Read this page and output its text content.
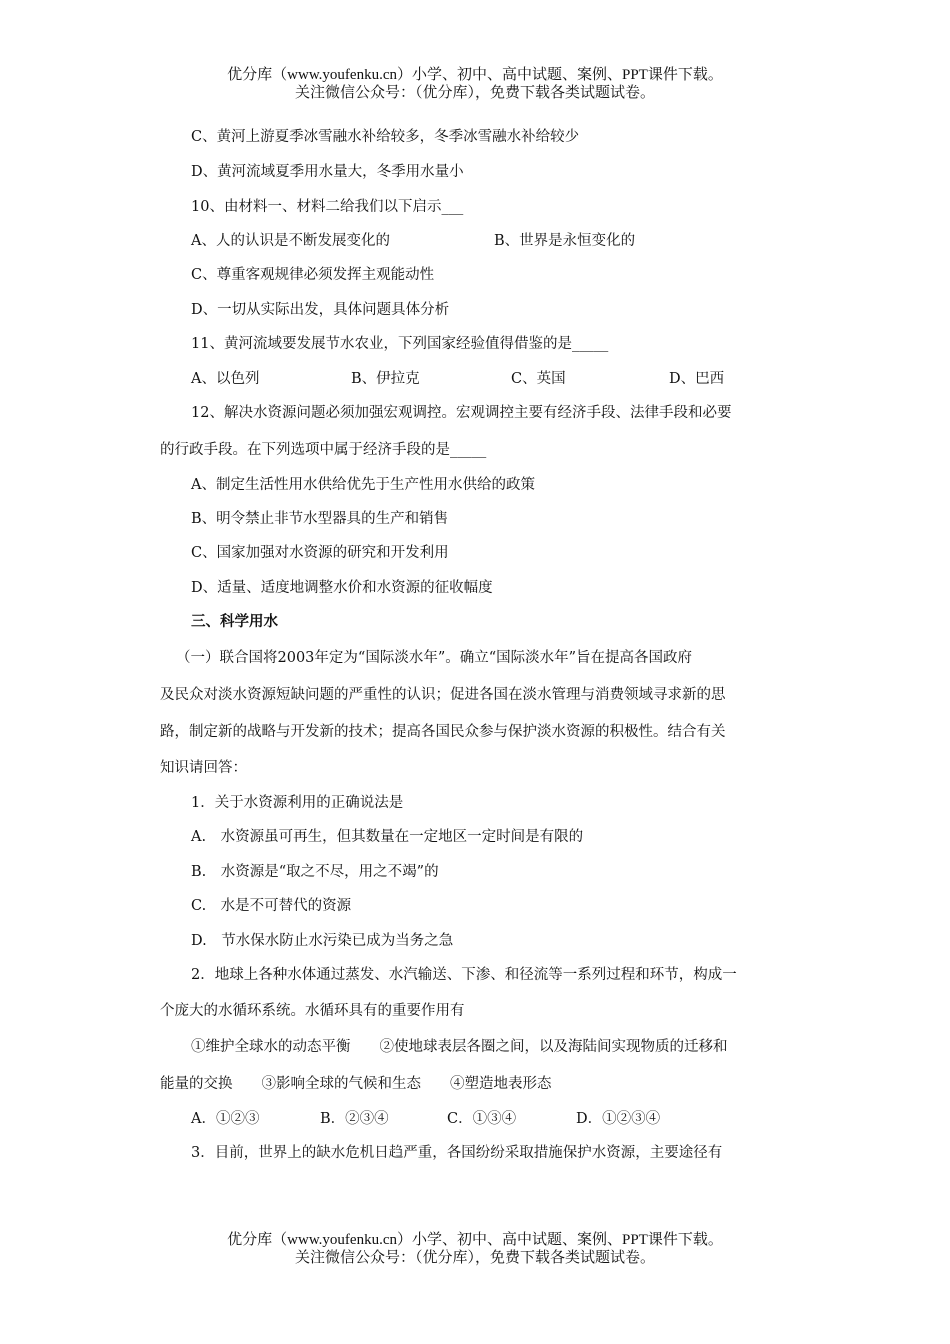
优分库（www.youfenku.cn）小学、初中、高中试题、案例、PPT课件下载。
关注微信公众号：（优分库），免费下载各类试题试卷。
C、黄河上游夏季冰雪融水补给较多，冬季冰雪融水补给较少
D、黄河流域夏季用水量大，冬季用水量小
10、由材料一、材料二给我们以下启示___
A、人的认识是不断发展变化的	B、世界是永恒变化的
C、尊重客观规律必须发挥主观能动性
D、一切从实际出发，具体问题具体分析
11、黄河流域要发展节水农业，下列国家经验值得借鉴的是_____
A、以色列	B、伊拉克	C、英国	D、巴西
12、解决水资源问题必须加强宏观调控。宏观调控主要有经济手段、法律手段和必要
的行政手段。在下列选项中属于经济手段的是_____
A、制定生活性用水供给优先于生产性用水供给的政策
B、明令禁止非节水型器具的生产和销售
C、国家加强对水资源的研究和开发利用
D、适量、适度地调整水价和水资源的征收幅度
三、科学用水
（一）联合国将2003年定为“国际淡水年”。确立“国际淡水年”旨在提高各国政府
及民众对淡水资源短缺问题的严重性的认识；促进各国在淡水管理与消费领域寻求新的思
路，制定新的战略与开发新的技术；提高各国民众参与保护淡水资源的积极性。结合有关
知识请回答：
1．关于水资源利用的正确说法是
A.　水资源虽可再生，但其数量在一定地区一定时间是有限的
B.　水资源是“取之不尽，用之不竭”的
C.　水是不可替代的资源
D.　节水保水防止水污染已成为当务之急
2．地球上各种水体通过蒸发、水汽输送、下渗、和径流等一系列过程和环节，构成一
个庞大的水循环系统。水循环具有的重要作用有
①维护全球水的动态平衡　　②使地球表层各圈之间，以及海陆间实现物质的迁移和
能量的交换　　③影响全球的气候和生态　　④塑造地表形态
A．①②③	B．②③④	C．①③④	D．①②③④
3．目前，世界上的缺水危机日趋严重，各国纷纷采取措施保护水资源，主要途径有
优分库（www.youfenku.cn）小学、初中、高中试题、案例、PPT课件下载。
关注微信公众号：（优分库），免费下载各类试题试卷。
